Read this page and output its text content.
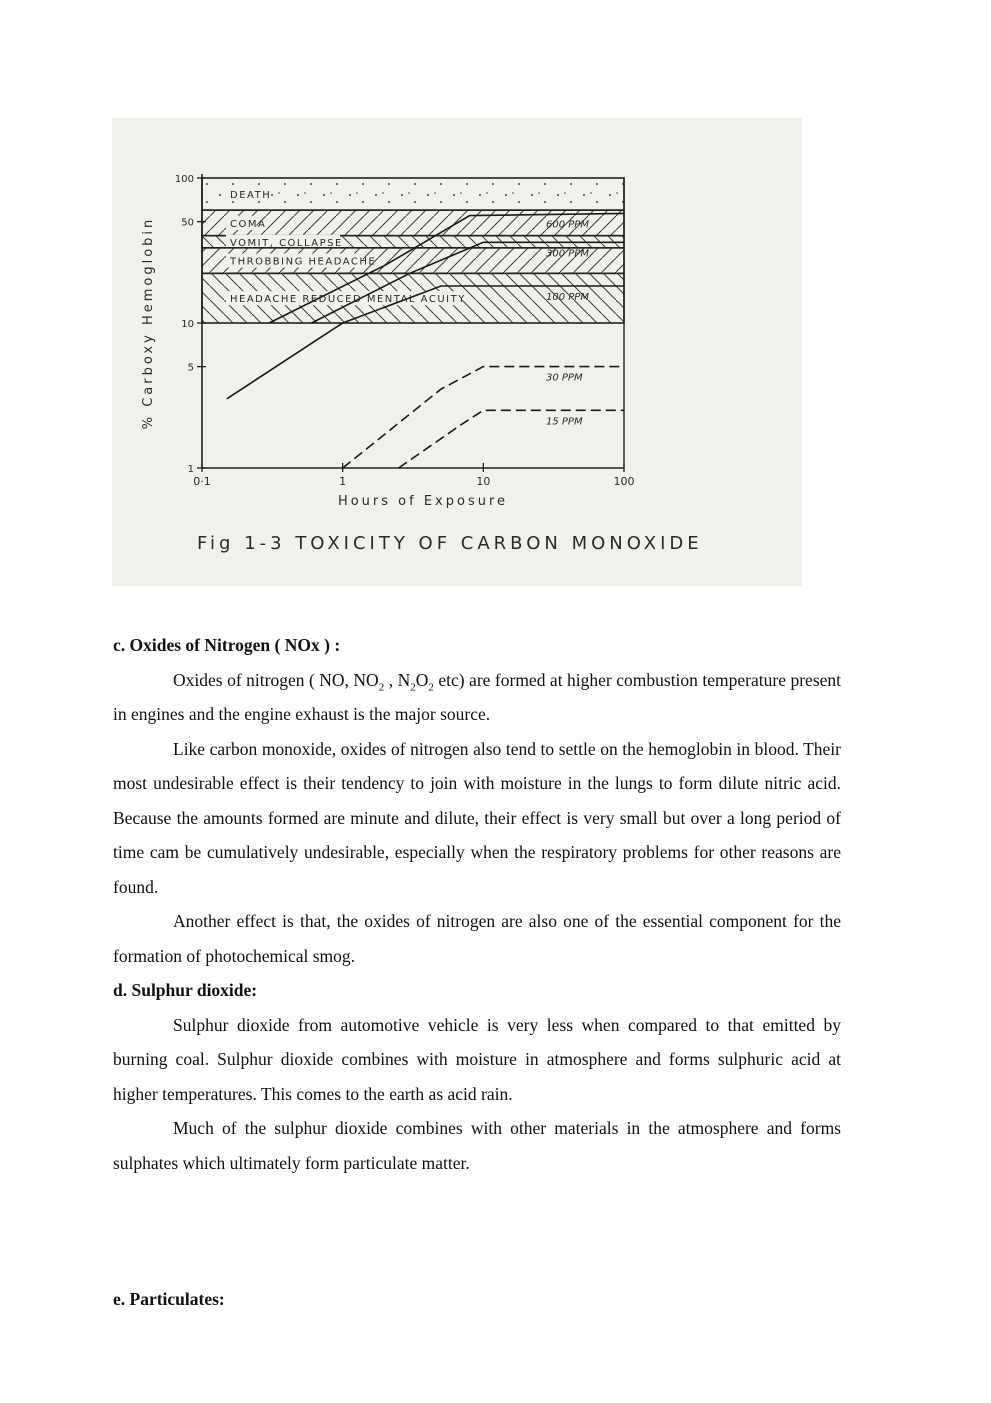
1
5
10
50
100
0·1	1	10	100
Hours of Exposure
% Carboxy Hemoglobin
DEATH
COMA
VOMIT, COLLAPSE
THROBBING HEADACHE
HEADACHE REDUCED MENTAL ACUITY
600 PPM
300 PPM
100 PPM
30 PPM
15 PPM
Fig 1-3 TOXICITY OF CARBON MONOXIDE
c. Oxides of Nitrogen ( NOx ) :

Oxides of nitrogen ( NO, $NO_2$ , $N_2O_2$ etc) are formed at higher combustion temperature present in engines and the engine exhaust is the major source.

Like carbon monoxide, oxides of nitrogen also tend to settle on the hemoglobin in blood. Their most undesirable effect is their tendency to join with moisture in the lungs to form dilute nitric acid. Because the amounts formed are minute and dilute, their effect is very small but over a long period of time cam be cumulatively undesirable, especially when the respiratory problems for other reasons are found.

Another effect is that, the oxides of nitrogen are also one of the essential component for the formation of photochemical smog.

d. Sulphur dioxide:

Sulphur dioxide from automotive vehicle is very less when compared to that emitted by burning coal. Sulphur dioxide combines with moisture in atmosphere and forms sulphuric acid at higher temperatures. This comes to the earth as acid rain.

Much of the sulphur dioxide combines with other materials in the atmosphere and forms sulphates which ultimately form particulate matter.

e. Particulates:
